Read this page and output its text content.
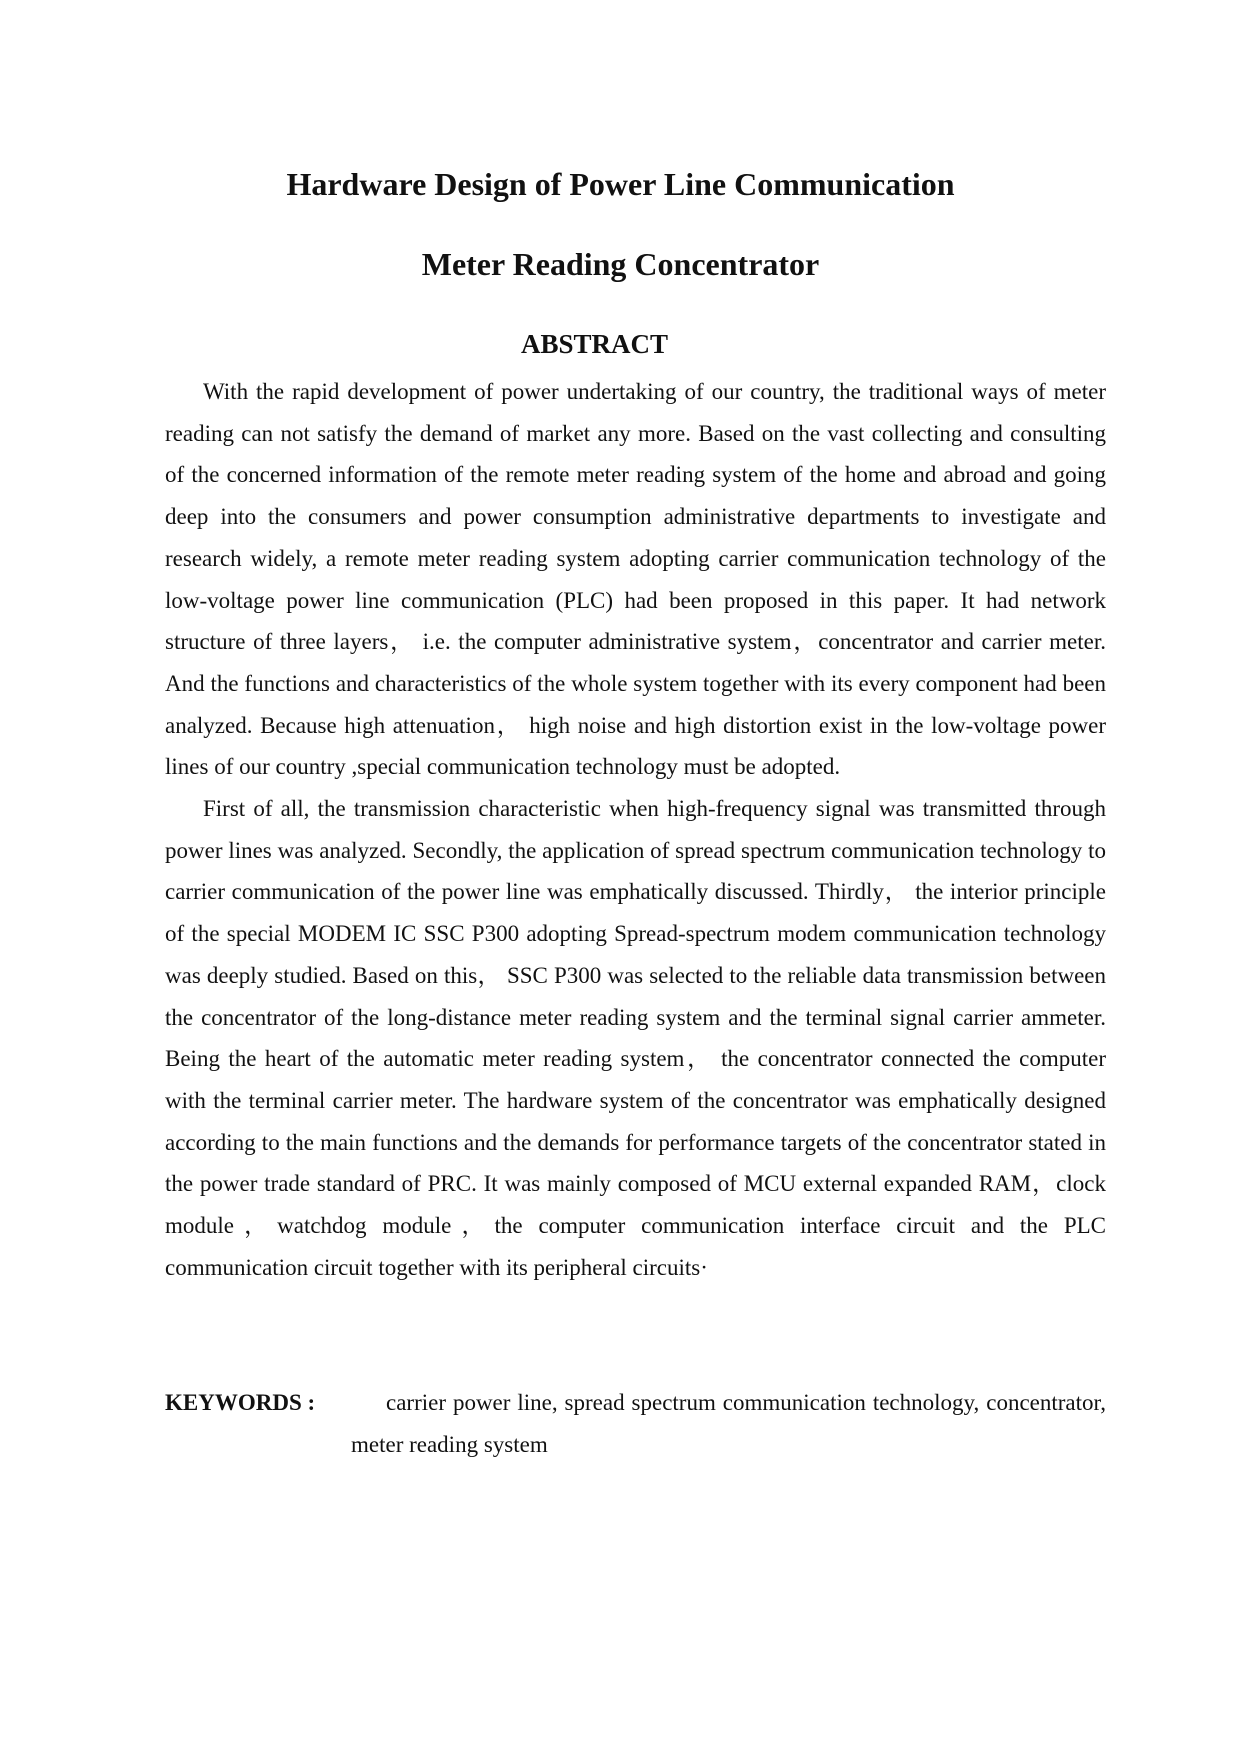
Hardware Design of Power Line Communication
Meter Reading Concentrator
ABSTRACT

With the rapid development of power undertaking of our country, the traditional ways of meter reading can not satisfy the demand of market any more. Based on the vast collecting and consulting of the concerned information of the remote meter reading system of the home and abroad and going deep into the consumers and power consumption administrative departments to investigate and research widely, a remote meter reading system adopting carrier communication technology of the low-voltage power line communication (PLC) had been proposed in this paper. It had network structure of three layers， i.e. the computer administrative system，concentrator and carrier meter. And the functions and characteristics of the whole system together with its every component had been analyzed. Because high attenuation， high noise and high distortion exist in the low-voltage power lines of our country ,special communication technology must be adopted.

First of all, the transmission characteristic when high-frequency signal was transmitted through power lines was analyzed. Secondly, the application of spread spectrum communication technology to carrier communication of the power line was emphatically discussed. Thirdly， the interior principle of the special MODEM IC SSC P300 adopting Spread-spectrum modem communication technology was deeply studied. Based on this， SSC P300 was selected to the reliable data transmission between the concentrator of the long-distance meter reading system and the terminal signal carrier ammeter. Being the heart of the automatic meter reading system， the concentrator connected the computer with the terminal carrier meter. The hardware system of the concentrator was emphatically designed according to the main functions and the demands for performance targets of the concentrator stated in the power trade standard of PRC. It was mainly composed of MCU external expanded RAM，clock module，watchdog module，the computer communication interface circuit and the PLC communication circuit together with its peripheral circuits·

KEYWORDS :	carrier power line, spread spectrum communication technology, concentrator, meter reading system
